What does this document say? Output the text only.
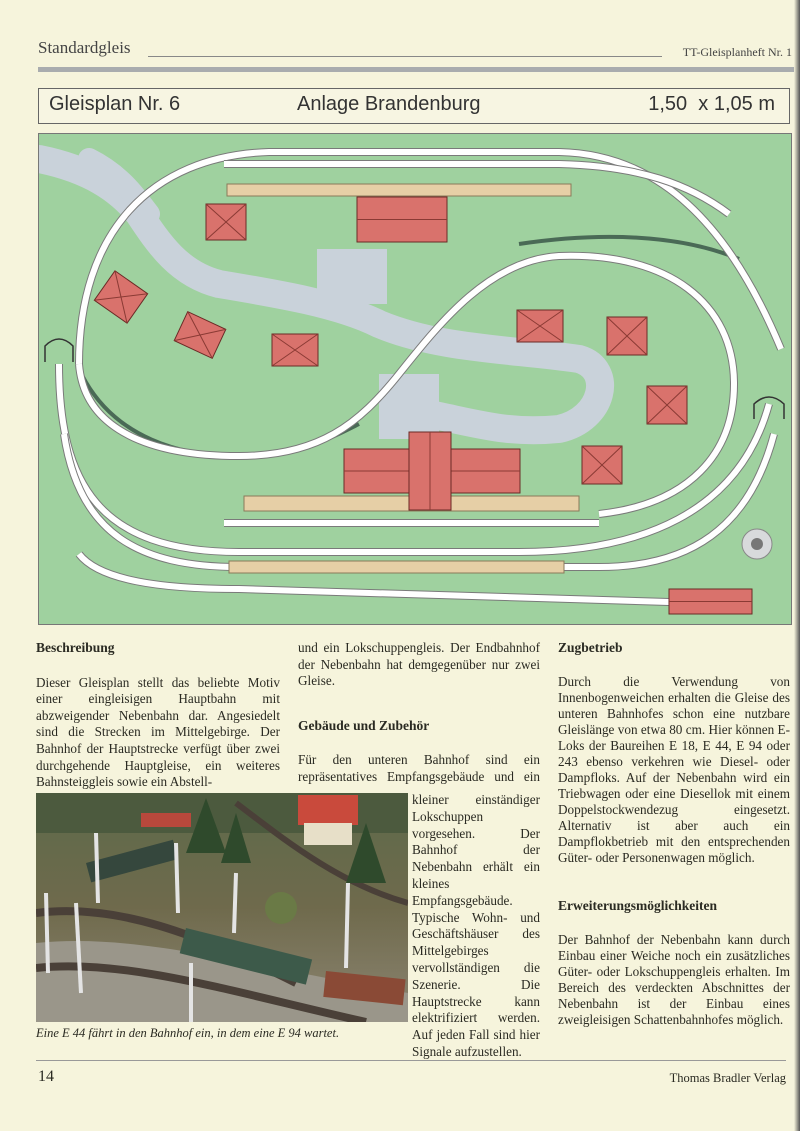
Standardgleis	TT-Gleisplanheft Nr. 1
Gleisplan Nr. 6	Anlage Brandenburg	1,50  x 1,05 m
Beschreibung

Dieser Gleisplan stellt das beliebte Motiv einer eingleisigen Hauptbahn mit abzweigender Nebenbahn dar. Angesiedelt sind die Strecken im Mittelgebirge. Der Bahnhof der Hauptstrecke verfügt über zwei durchgehende Hauptgleise, ein weiteres Bahnsteiggleis sowie ein Abstell-

und ein Lokschuppengleis. Der Endbahnhof der Nebenbahn hat demgegenüber nur zwei Gleise.

Gebäude und Zubehör

Für den unteren Bahnhof sind ein repräsentatives Empfangsgebäude und ein

kleiner einständiger Lokschuppen vorgesehen. Der Bahnhof der Nebenbahn erhält ein kleines Empfangsgebäude. Typische Wohn- und Geschäftshäuser des Mittelgebirges vervollständigen die Szenerie. Die Hauptstrecke kann elektrifiziert werden. Auf jeden Fall sind hier Signale aufzustellen.

Zugbetrieb

Durch die Verwendung von Innenbogenweichen erhalten die Gleise des unteren Bahnhofes schon eine nutzbare Gleislänge von etwa 80 cm. Hier können E-Loks der Baureihen E 18, E 44, E 94 oder 243 ebenso verkehren wie Diesel- oder Dampfloks. Auf der Nebenbahn wird ein Triebwagen oder eine Diesellok mit einem Doppelstockwendezug eingesetzt. Alternativ ist aber auch ein Dampflokbetrieb mit den entsprechenden Güter- oder Personenwagen möglich.

Erweiterungsmöglichkeiten

Der Bahnhof der Nebenbahn kann durch Einbau einer Weiche noch ein zusätzliches Güter- oder Lokschuppengleis erhalten. Im Bereich des verdeckten Abschnittes der Nebenbahn ist der Einbau eines zweigleisigen Schattenbahnhofes möglich.

Eine E 44 fährt in den Bahnhof ein, in dem eine E 94 wartet.
14	Thomas Bradler Verlag
